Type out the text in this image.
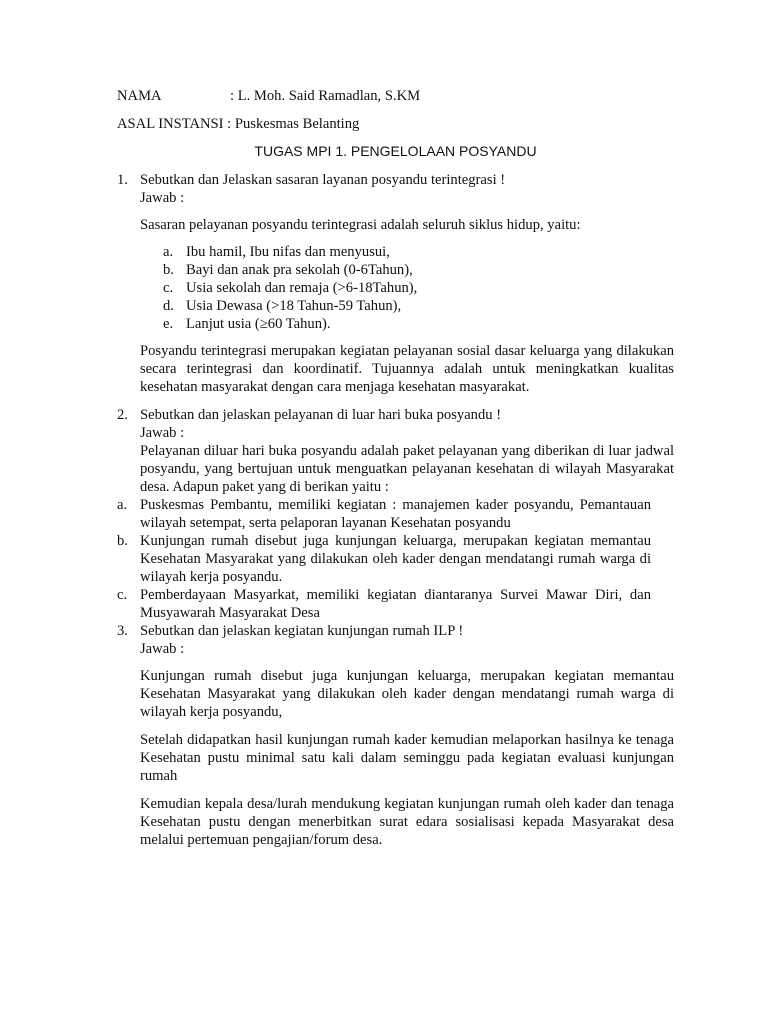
NAMA	: L. Moh. Said Ramadlan, S.KM
ASAL INSTANSI : Puskesmas Belanting
TUGAS MPI 1. PENGELOLAAN POSYANDU
1. Sebutkan dan Jelaskan sasaran layanan posyandu terintegrasi !
Jawab :
Sasaran pelayanan posyandu terintegrasi adalah seluruh siklus hidup, yaitu:
a. Ibu hamil, Ibu nifas dan menyusui,
b. Bayi dan anak pra sekolah (0-6Tahun),
c. Usia sekolah dan remaja (>6-18Tahun),
d. Usia Dewasa (>18 Tahun-59 Tahun),
e. Lanjut usia (≥60 Tahun).
Posyandu terintegrasi merupakan kegiatan pelayanan sosial dasar keluarga yang dilakukan secara terintegrasi dan koordinatif. Tujuannya adalah untuk meningkatkan kualitas kesehatan masyarakat dengan cara menjaga kesehatan masyarakat.
2. Sebutkan dan jelaskan pelayanan di luar hari buka posyandu !
Jawab :
Pelayanan diluar hari buka posyandu adalah paket pelayanan yang diberikan di luar jadwal posyandu, yang bertujuan untuk menguatkan pelayanan kesehatan di wilayah Masyarakat desa. Adapun paket yang di berikan yaitu :
a. Puskesmas Pembantu, memiliki kegiatan : manajemen kader posyandu, Pemantauan wilayah setempat, serta pelaporan layanan Kesehatan posyandu
b. Kunjungan rumah disebut juga kunjungan keluarga, merupakan kegiatan memantau Kesehatan Masyarakat yang dilakukan oleh kader dengan mendatangi rumah warga di wilayah kerja posyandu.
c. Pemberdayaan Masyarkat, memiliki kegiatan diantaranya Survei Mawar Diri, dan Musyawarah Masyarakat Desa
3. Sebutkan dan jelaskan kegiatan kunjungan rumah ILP !
Jawab :
Kunjungan rumah disebut juga kunjungan keluarga, merupakan kegiatan memantau Kesehatan Masyarakat yang dilakukan oleh kader dengan mendatangi rumah warga di wilayah kerja posyandu,
Setelah didapatkan hasil kunjungan rumah kader kemudian melaporkan hasilnya ke tenaga Kesehatan pustu minimal satu kali dalam seminggu pada kegiatan evaluasi kunjungan rumah
Kemudian kepala desa/lurah mendukung kegiatan kunjungan rumah oleh kader dan tenaga Kesehatan pustu dengan menerbitkan surat edara sosialisasi kepada Masyarakat desa melalui pertemuan pengajian/forum desa.
